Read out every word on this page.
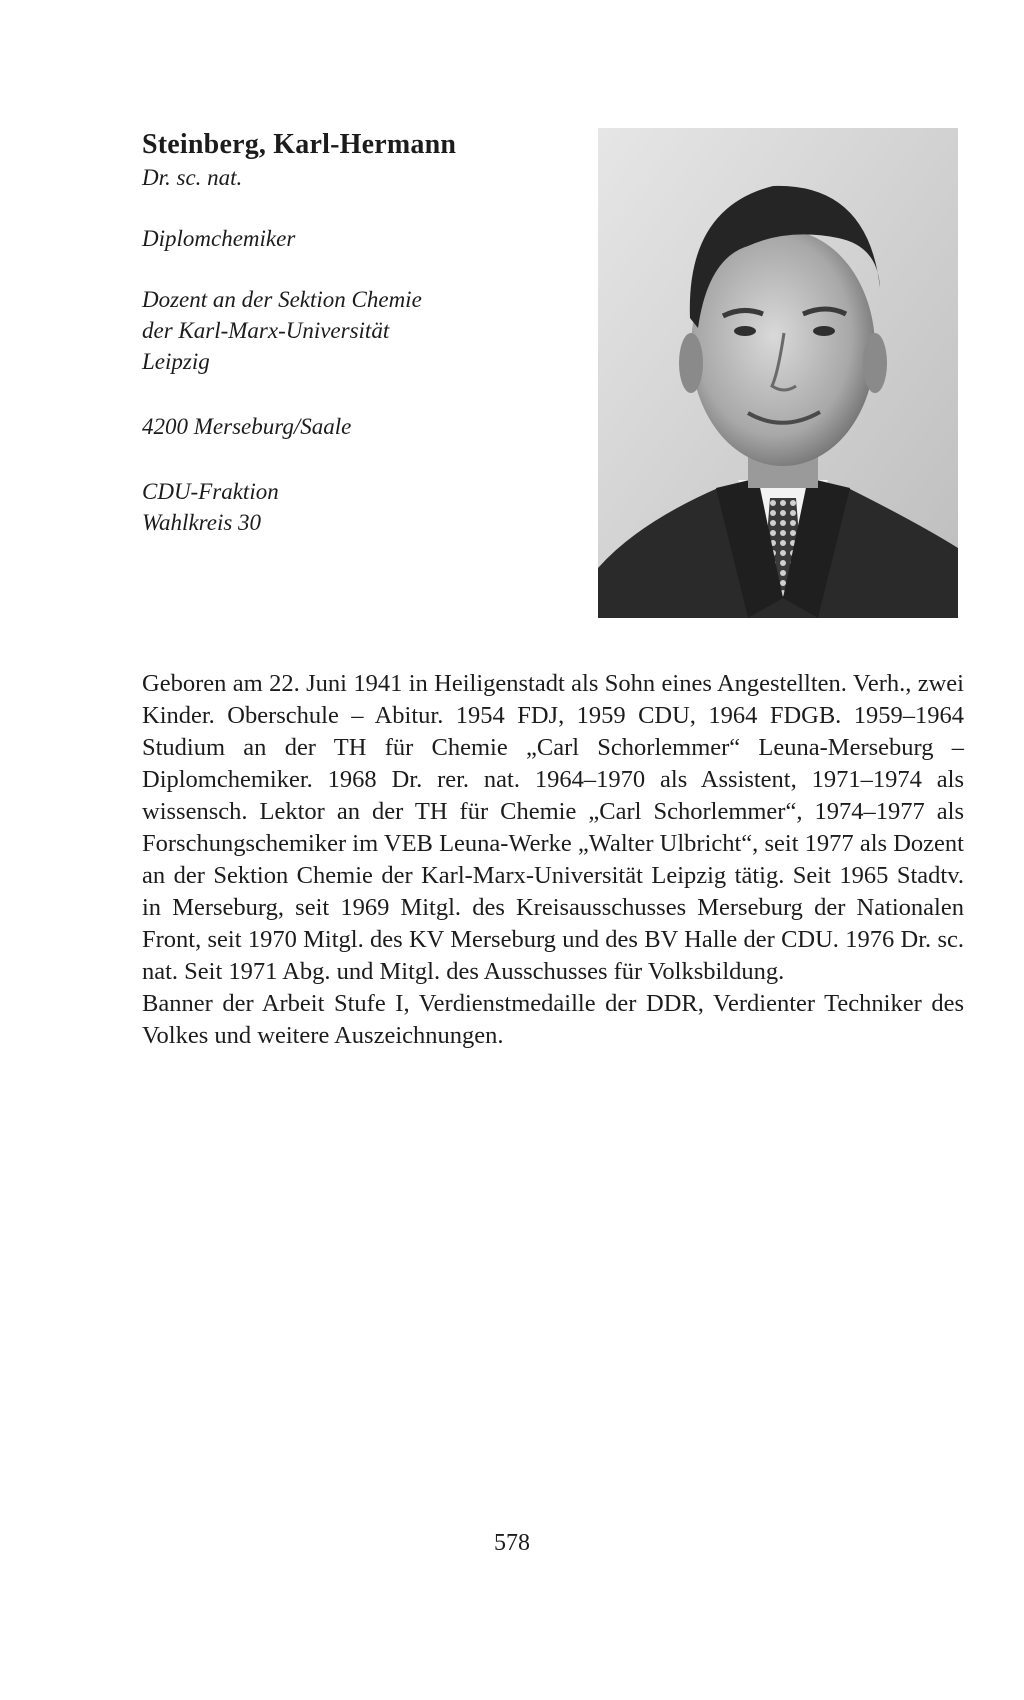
Steinberg, Karl-Hermann

Dr. sc. nat.

Diplomchemiker

Dozent an der Sektion Chemie

der Karl-Marx-Universität

Leipzig

4200 Merseburg/Saale

CDU-Fraktion

Wahlkreis 30

Geboren am 22. Juni 1941 in Heiligenstadt als Sohn eines Angestellten. Verh., zwei Kinder. Oberschule – Abitur. 1954 FDJ, 1959 CDU, 1964 FDGB. 1959–1964 Studium an der TH für Chemie „Carl Schorlemmer“ Leuna-Merseburg – Diplomchemiker. 1968 Dr. rer. nat. 1964–1970 als Assistent, 1971–1974 als wissensch. Lektor an der TH für Chemie „Carl Schorlemmer“, 1974–1977 als Forschungschemiker im VEB Leuna-Werke „Walter Ulbricht“, seit 1977 als Dozent an der Sektion Chemie der Karl-Marx-Universität Leipzig tätig. Seit 1965 Stadtv. in Merseburg, seit 1969 Mitgl. des Kreisausschusses Merseburg der Nationalen Front, seit 1970 Mitgl. des KV Merseburg und des BV Halle der CDU. 1976 Dr. sc. nat. Seit 1971 Abg. und Mitgl. des Ausschusses für Volksbildung.

Banner der Arbeit Stufe I, Verdienstmedaille der DDR, Verdienter Techniker des Volkes und weitere Auszeichnungen.

578
